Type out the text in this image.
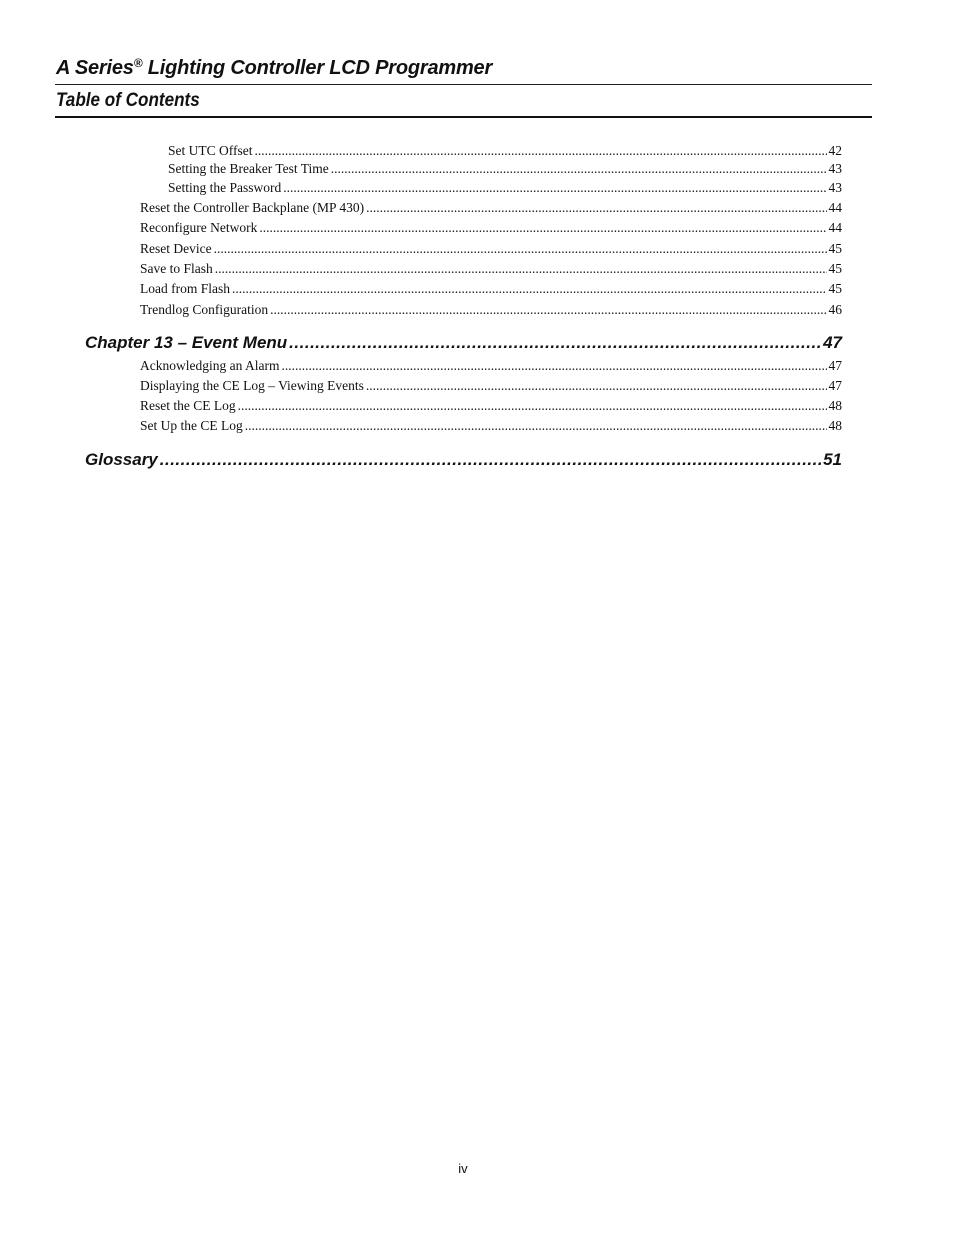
A Series® Lighting Controller LCD Programmer
Table of Contents
Set UTC Offset .....	42
Setting the Breaker Test Time .....	43
Setting the Password .....	43
Reset the Controller Backplane (MP 430) .....	44
Reconfigure Network .....	44
Reset Device .....	45
Save to Flash .....	45
Load from Flash .....	45
Trendlog Configuration .....	46
Chapter 13 – Event Menu .....	47
Acknowledging an Alarm .....	47
Displaying the CE Log – Viewing Events .....	47
Reset the CE Log .....	48
Set Up the CE Log .....	48
Glossary .....	51
iv
